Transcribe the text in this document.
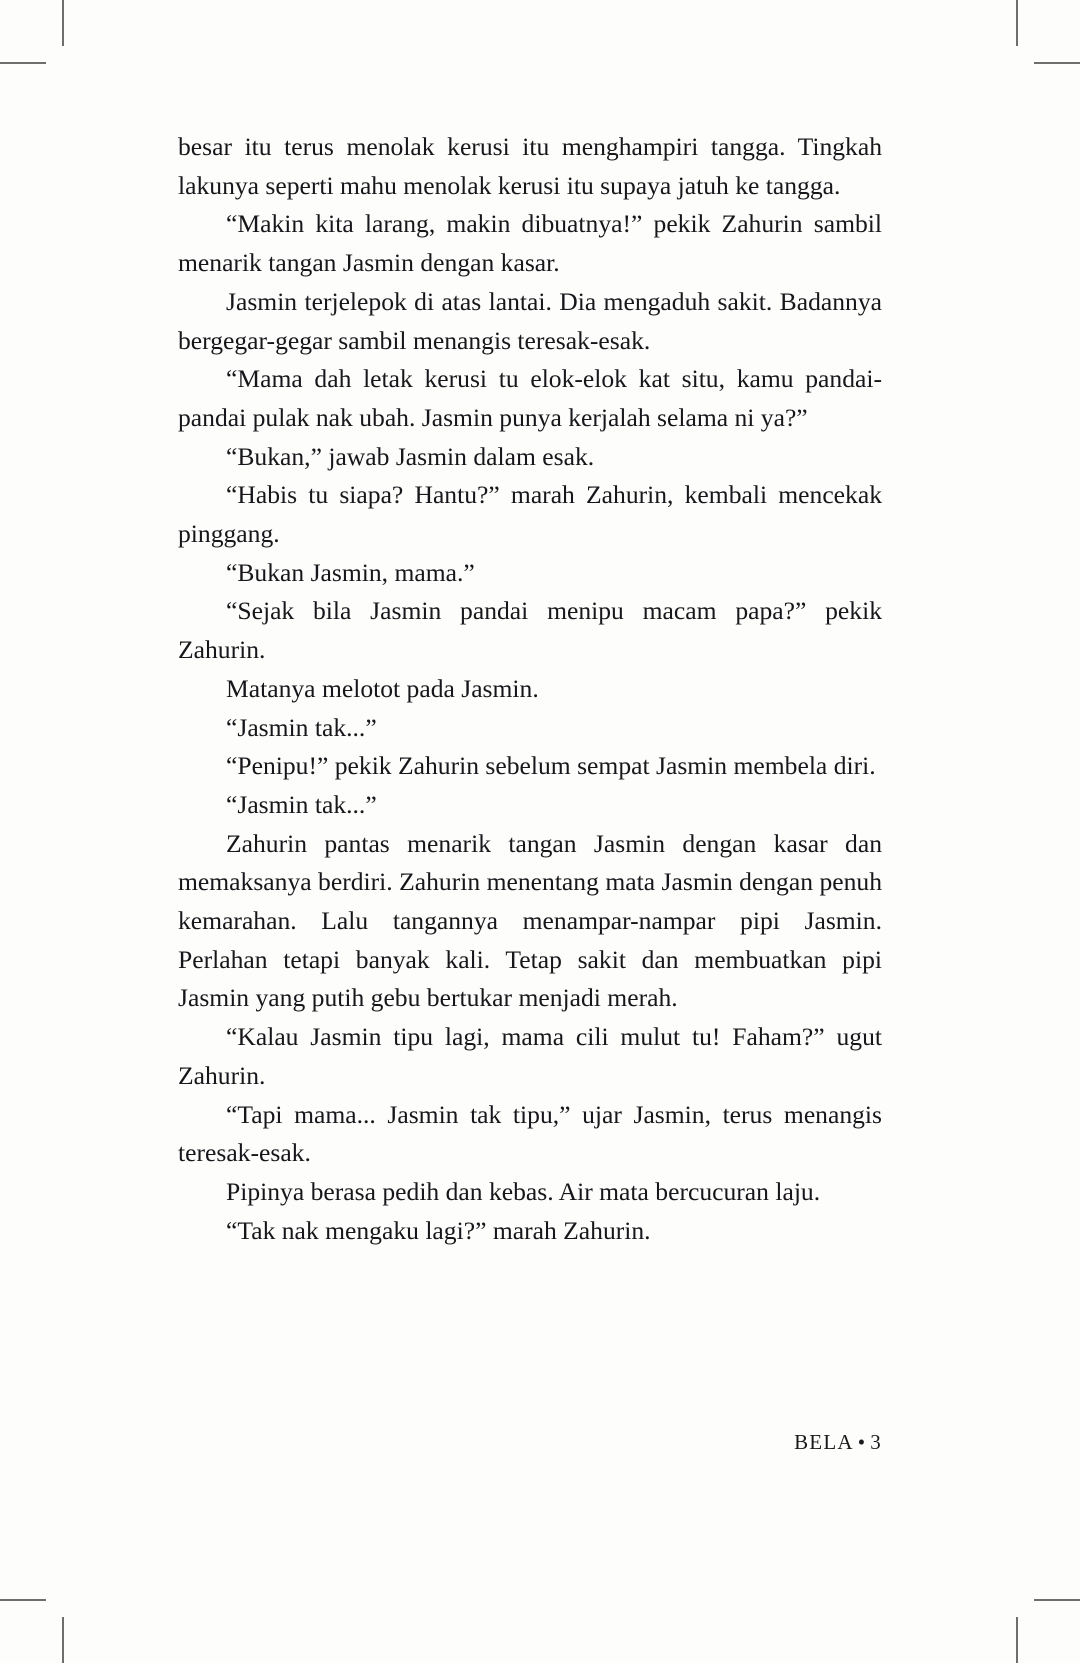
besar itu terus menolak kerusi itu menghampiri tangga. Tingkah lakunya seperti mahu menolak kerusi itu supaya jatuh ke tangga.

“Makin kita larang, makin dibuatnya!” pekik Zahurin sambil menarik tangan Jasmin dengan kasar.

Jasmin terjelepok di atas lantai. Dia mengaduh sakit. Badannya bergegar-gegar sambil menangis teresak-esak.

“Mama dah letak kerusi tu elok-elok kat situ, kamu pandai-pandai pulak nak ubah. Jasmin punya kerjalah selama ni ya?”

“Bukan,” jawab Jasmin dalam esak.

“Habis tu siapa? Hantu?” marah Zahurin, kembali mencekak pinggang.

“Bukan Jasmin, mama.”

“Sejak bila Jasmin pandai menipu macam papa?” pekik Zahurin.

Matanya melotot pada Jasmin.

“Jasmin tak...”

“Penipu!” pekik Zahurin sebelum sempat Jasmin membela diri.

“Jasmin tak...”

Zahurin pantas menarik tangan Jasmin dengan kasar dan memaksanya berdiri. Zahurin menentang mata Jasmin dengan penuh kemarahan. Lalu tangannya menampar-nampar pipi Jasmin. Perlahan tetapi banyak kali. Tetap sakit dan membuatkan pipi Jasmin yang putih gebu bertukar menjadi merah.

“Kalau Jasmin tipu lagi, mama cili mulut tu! Faham?” ugut Zahurin.

“Tapi mama... Jasmin tak tipu,” ujar Jasmin, terus menangis teresak-esak.

Pipinya berasa pedih dan kebas. Air mata bercucuran laju.

“Tak nak mengaku lagi?” marah Zahurin.

BELA • 3
